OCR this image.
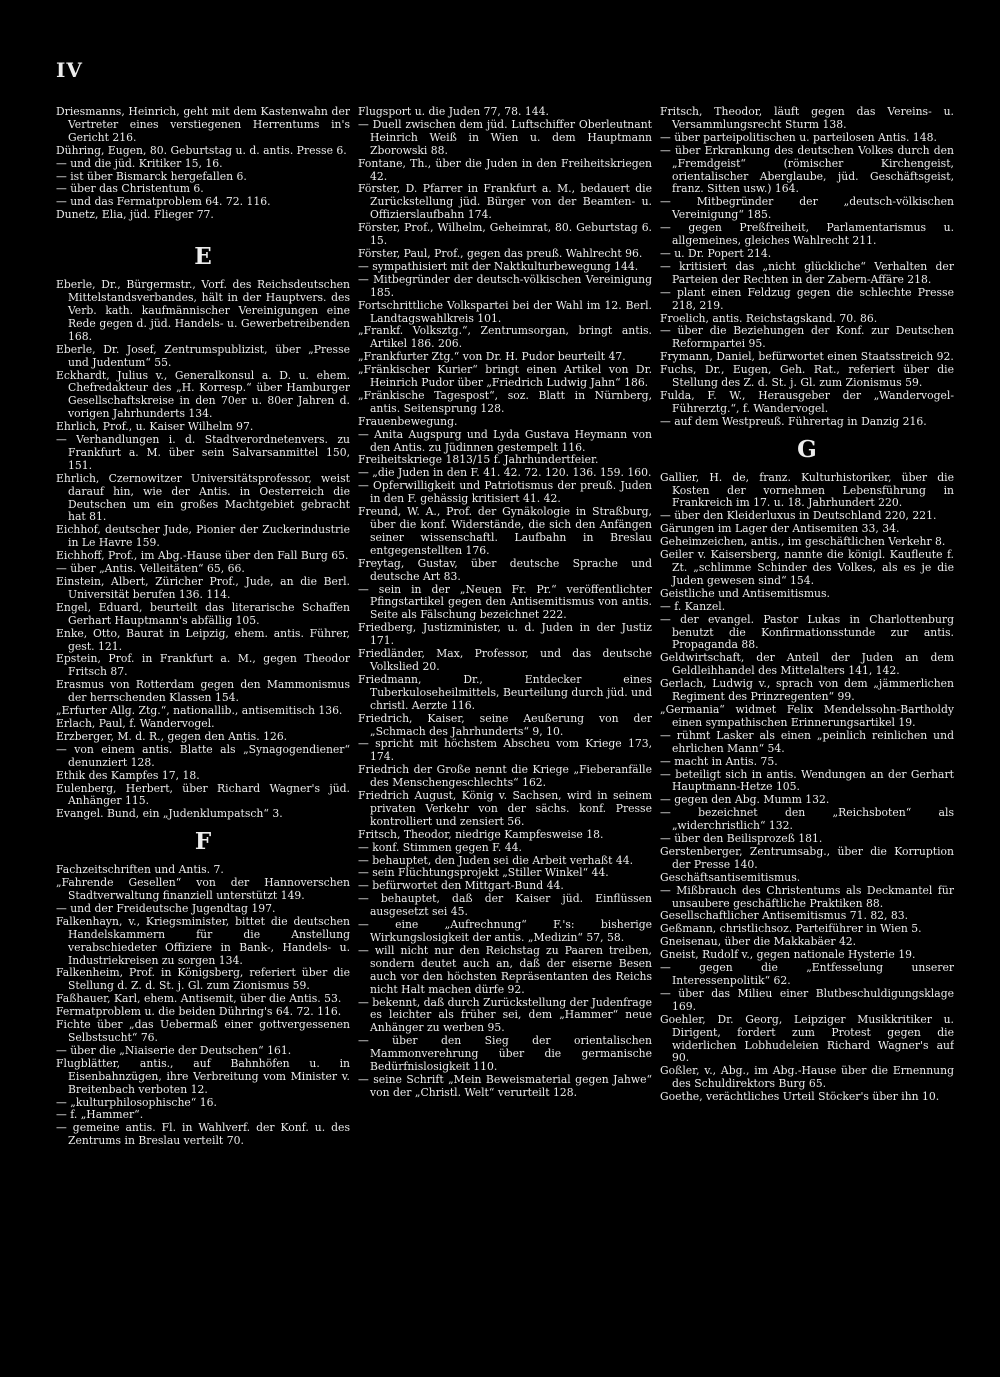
IV
Driesmanns, Heinrich, geht mit dem Kastenwahn der Vertreter eines verstiegenen Herrentums in's Gericht 216.
Dühring, Eugen, 80. Geburtstag u. d. antis. Presse 6.
— und die jüd. Kritiker 15, 16.
— ist über Bismarck hergefallen 6.
— über das Christentum 6.
— und das Fermatproblem 64. 72. 116.
Dunetz, Elia, jüd. Flieger 77.
E
Eberle, Dr., Bürgermstr., Vorf. des Reichsdeutschen Mittelstandsverbandes, hält in der Hauptvers. des Verb. kath. kaufmännischer Vereinigungen eine Rede gegen d. jüd. Handels- u. Gewerbetreibenden 168.
Eberle, Dr. Josef, Zentrumspublizist, über „Presse und Judentum“ 55.
Eckhardt, Julius v., Generalkonsul a. D. u. ehem. Chefredakteur des „H. Korresp.“ über Hamburger Gesellschaftskreise in den 70er u. 80er Jahren d. vorigen Jahrhunderts 134.
Ehrlich, Prof., u. Kaiser Wilhelm 97.
— Verhandlungen i. d. Stadtverordnetenvers. zu Frankfurt a. M. über sein Salvarsanmittel 150, 151.
Ehrlich, Czernowitzer Universitätsprofessor, weist darauf hin, wie der Antis. in Oesterreich die Deutschen um ein großes Machtgebiet gebracht hat 81.
Eichhof, deutscher Jude, Pionier der Zuckerindustrie in Le Havre 159.
Eichhoff, Prof., im Abg.-Hause über den Fall Burg 65.
— über „Antis. Velleitäten“ 65, 66.
Einstein, Albert, Züricher Prof., Jude, an die Berl. Universität berufen 136. 114.
Engel, Eduard, beurteilt das literarische Schaffen Gerhart Hauptmann's abfällig 105.
Enke, Otto, Baurat in Leipzig, ehem. antis. Führer, gest. 121.
Epstein, Prof. in Frankfurt a. M., gegen Theodor Fritsch 87.
Erasmus von Rotterdam gegen den Mammonismus der herrschenden Klassen 154.
„Erfurter Allg. Ztg.“, nationallib., antisemitisch 136.
Erlach, Paul, f. Wandervogel.
Erzberger, M. d. R., gegen den Antis. 126.
— von einem antis. Blatte als „Synagogendiener“ denunziert 128.
Ethik des Kampfes 17, 18.
Eulenberg, Herbert, über Richard Wagner's jüd. Anhänger 115.
Evangel. Bund, ein „Judenklumpatsch“ 3.
F
Fachzeitschriften und Antis. 7.
„Fahrende Gesellen“ von der Hannoverschen Stadtverwaltung finanziell unterstützt 149.
— und der Freideutsche Jugendtag 197.
Falkenhayn, v., Kriegsminister, bittet die deutschen Handelskammern für die Anstellung verabschiedeter Offiziere in Bank-, Handels- u. Industriekreisen zu sorgen 134.
Falkenheim, Prof. in Königsberg, referiert über die Stellung d. Z. d. St. j. Gl. zum Zionismus 59.
Faßhauer, Karl, ehem. Antisemit, über die Antis. 53.
Fermatproblem u. die beiden Dühring's 64. 72. 116.
Fichte über „das Uebermaß einer gottvergessenen Selbstsucht“ 76.
— über die „Niaiserie der Deutschen“ 161.
Flugblätter, antis., auf Bahnhöfen u. in Eisenbahnzügen, ihre Verbreitung vom Minister v. Breitenbach verboten 12.
— „kulturphilosophische“ 16.
— f. „Hammer“.
— gemeine antis. Fl. in Wahlverf. der Konf. u. des Zentrums in Breslau verteilt 70.
Flugsport u. die Juden 77, 78. 144.
— Duell zwischen dem jüd. Luftschiffer Oberleutnant Heinrich Weiß in Wien u. dem Hauptmann Zborowski 88.
Fontane, Th., über die Juden in den Freiheitskriegen 42.
Förster, D. Pfarrer in Frankfurt a. M., bedauert die Zurückstellung jüd. Bürger von der Beamten- u. Offizierslaufbahn 174.
Förster, Prof., Wilhelm, Geheimrat, 80. Geburtstag 6. 15.
Förster, Paul, Prof., gegen das preuß. Wahlrecht 96.
— sympathisiert mit der Naktkulturbewegung 144.
— Mitbegründer der deutsch-völkischen Vereinigung 185.
Fortschrittliche Volkspartei bei der Wahl im 12. Berl. Landtagswahlkreis 101.
„Frankf. Volksztg.“, Zentrumsorgan, bringt antis. Artikel 186. 206.
„Frankfurter Ztg.“ von Dr. H. Pudor beurteilt 47.
„Fränkischer Kurier“ bringt einen Artikel von Dr. Heinrich Pudor über „Friedrich Ludwig Jahn“ 186.
„Fränkische Tagespost“, soz. Blatt in Nürnberg, antis. Seitensprung 128.
Frauenbewegung.
— Anita Augspurg und Lyda Gustava Heymann von den Antis. zu Jüdinnen gestempelt 116.
Freiheitskriege 1813/15 f. Jahrhundertfeier.
— „die Juden in den F. 41. 42. 72. 120. 136. 159. 160.
— Opferwilligkeit und Patriotismus der preuß. Juden in den F. gehässig kritisiert 41. 42.
Freund, W. A., Prof. der Gynäkologie in Straßburg, über die konf. Widerstände, die sich den Anfängen seiner wissenschaftl. Laufbahn in Breslau entgegenstellten 176.
Freytag, Gustav, über deutsche Sprache und deutsche Art 83.
— sein in der „Neuen Fr. Pr.“ veröffentlichter Pfingstartikel gegen den Antisemitismus von antis. Seite als Fälschung bezeichnet 222.
Friedberg, Justizminister, u. d. Juden in der Justiz 171.
Friedländer, Max, Professor, und das deutsche Volkslied 20.
Friedmann, Dr., Entdecker eines Tuberkuloseheilmittels, Beurteilung durch jüd. und christl. Aerzte 116.
Friedrich, Kaiser, seine Aeußerung von der „Schmach des Jahrhunderts“ 9, 10.
— spricht mit höchstem Abscheu vom Kriege 173, 174.
Friedrich der Große nennt die Kriege „Fieberanfälle des Menschengeschlechts“ 162.
Friedrich August, König v. Sachsen, wird in seinem privaten Verkehr von der sächs. konf. Presse kontrolliert und zensiert 56.
Fritsch, Theodor, niedrige Kampfesweise 18.
— konf. Stimmen gegen F. 44.
— behauptet, den Juden sei die Arbeit verhaßt 44.
— sein Flüchtungsprojekt „Stiller Winkel“ 44.
— befürwortet den Mittgart-Bund 44.
— behauptet, daß der Kaiser jüd. Einflüssen ausgesetzt sei 45.
— eine „Aufrechnung“ F.'s: bisherige Wirkungslosigkeit der antis. „Medizin“ 57, 58.
— will nicht nur den Reichstag zu Paaren treiben, sondern deutet auch an, daß der eiserne Besen auch vor den höchsten Repräsentanten des Reichs nicht Halt machen dürfe 92.
— bekennt, daß durch Zurückstellung der Judenfrage es leichter als früher sei, dem „Hammer“ neue Anhänger zu werben 95.
— über den Sieg der orientalischen Mammonverehrung über die germanische Bedürfnislosigkeit 110.
— seine Schrift „Mein Beweismaterial gegen Jahwe“ von der „Christl. Welt“ verurteilt 128.
Fritsch, Theodor, läuft gegen das Vereins- u. Versammlungsrecht Sturm 138.
— über parteipolitischen u. parteilosen Antis. 148.
— über Erkrankung des deutschen Volkes durch den „Fremdgeist“ (römischer Kirchengeist, orientalischer Aberglaube, jüd. Geschäftsgeist, franz. Sitten usw.) 164.
— Mitbegründer der „deutsch-völkischen Vereinigung“ 185.
— gegen Preßfreiheit, Parlamentarismus u. allgemeines, gleiches Wahlrecht 211.
— u. Dr. Popert 214.
— kritisiert das „nicht glückliche“ Verhalten der Parteien der Rechten in der Zabern-Affäre 218.
— plant einen Feldzug gegen die schlechte Presse 218, 219.
Froelich, antis. Reichstagskand. 70. 86.
— über die Beziehungen der Konf. zur Deutschen Reformpartei 95.
Frymann, Daniel, befürwortet einen Staatsstreich 92.
Fuchs, Dr., Eugen, Geh. Rat., referiert über die Stellung des Z. d. St. j. Gl. zum Zionismus 59.
Fulda, F. W., Herausgeber der „Wandervogel-Führerztg.“, f. Wandervogel.
— auf dem Westpreuß. Führertag in Danzig 216.
G
Gallier, H. de, franz. Kulturhistoriker, über die Kosten der vornehmen Lebensführung in Frankreich im 17. u. 18. Jahrhundert 220.
— über den Kleiderluxus in Deutschland 220, 221.
Gärungen im Lager der Antisemiten 33, 34.
Geheimzeichen, antis., im geschäftlichen Verkehr 8.
Geiler v. Kaisersberg, nannte die königl. Kaufleute f. Zt. „schlimme Schinder des Volkes, als es je die Juden gewesen sind“ 154.
Geistliche und Antisemitismus.
— f. Kanzel.
— der evangel. Pastor Lukas in Charlottenburg benutzt die Konfirmationsstunde zur antis. Propaganda 88.
Geldwirtschaft, der Anteil der Juden an dem Geldleihhandel des Mittelalters 141, 142.
Gerlach, Ludwig v., sprach von dem „jämmerlichen Regiment des Prinzregenten“ 99.
„Germania“ widmet Felix Mendelssohn-Bartholdy einen sympathischen Erinnerungsartikel 19.
— rühmt Lasker als einen „peinlich reinlichen und ehrlichen Mann“ 54.
— macht in Antis. 75.
— beteiligt sich in antis. Wendungen an der Gerhart Hauptmann-Hetze 105.
— gegen den Abg. Mumm 132.
— bezeichnet den „Reichsboten“ als „widerchristlich“ 132.
— über den Beilisprozeß 181.
Gerstenberger, Zentrumsabg., über die Korruption der Presse 140.
Geschäftsantisemitismus.
— Mißbrauch des Christentums als Deckmantel für unsaubere geschäftliche Praktiken 88.
Gesellschaftlicher Antisemitismus 71. 82, 83.
Geßmann, christlichsoz. Parteiführer in Wien 5.
Gneisenau, über die Makkabäer 42.
Gneist, Rudolf v., gegen nationale Hysterie 19.
— gegen die „Entfesselung unserer Interessenpolitik“ 62.
— über das Milieu einer Blutbeschuldigungsklage 169.
Goehler, Dr. Georg, Leipziger Musikkritiker u. Dirigent, fordert zum Protest gegen die widerlichen Lobhudeleien Richard Wagner's auf 90.
Goßler, v., Abg., im Abg.-Hause über die Ernennung des Schuldirektors Burg 65.
Goethe, verächtliches Urteil Stöcker's über ihn 10.
